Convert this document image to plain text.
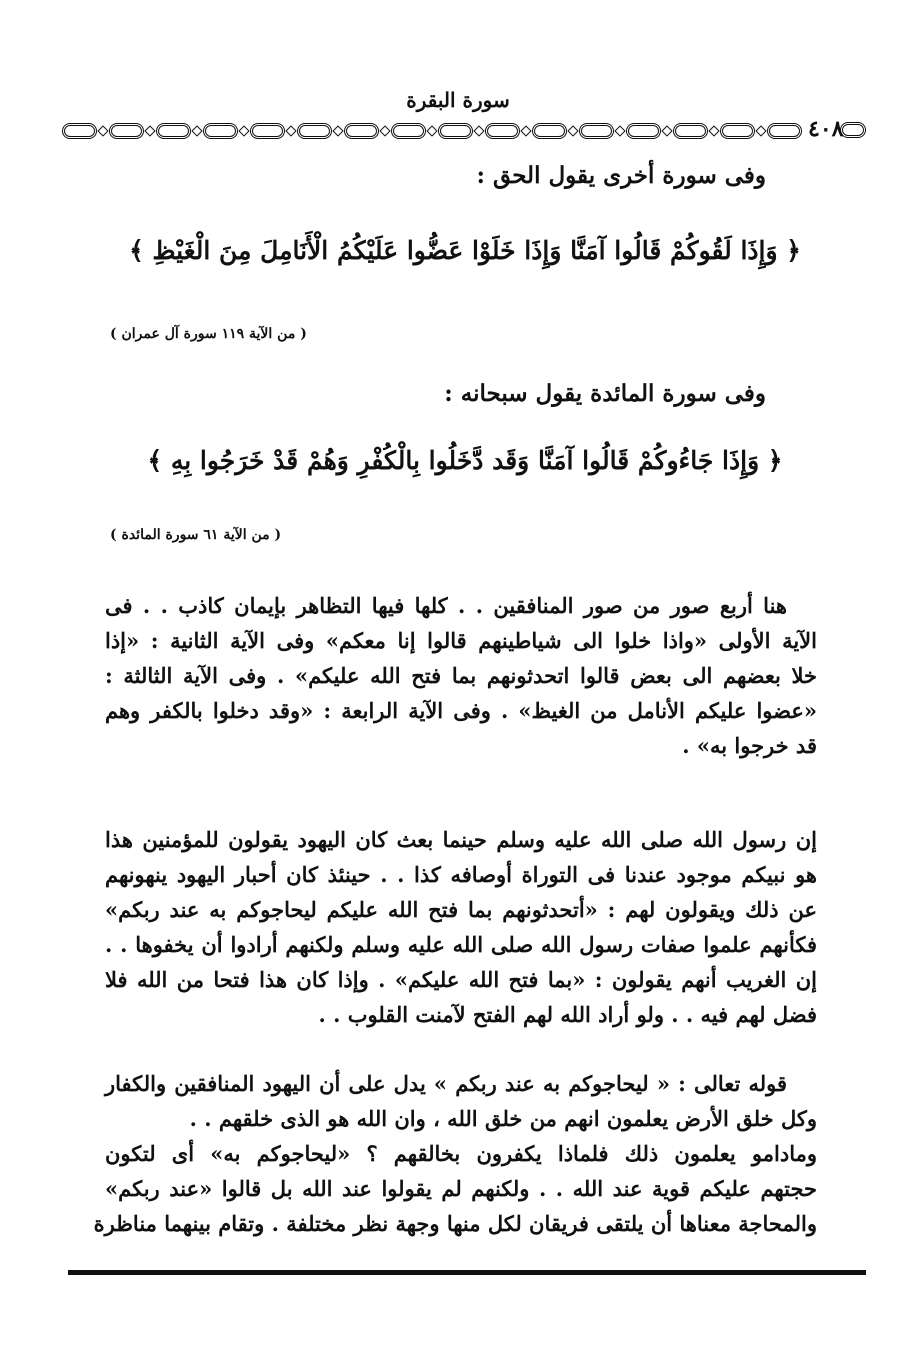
سورة البقرة
٤٠٨
وفى سورة أخرى يقول الحق :
﴿ وَإِذَا لَقُوكُمْ قَالُوا آمَنَّا وَإِذَا خَلَوْا عَضُّوا عَلَيْكُمُ الْأَنَامِلَ مِنَ الْغَيْظِ ﴾
( من الآية ١١٩ سورة آل عمران )
وفى سورة المائدة يقول سبحانه :
﴿ وَإِذَا جَاءُوكُمْ قَالُوا آمَنَّا وَقَد دَّخَلُوا بِالْكُفْرِ وَهُمْ قَدْ خَرَجُوا بِهِ ﴾
( من الآية ٦١ سورة المائدة )
هنا أربع صور من صور المنافقين . . كلها فيها التظاهر بإيمان كاذب . . فى
الآية الأولى «واذا خلوا الى شياطينهم قالوا إنا معكم» وفى الآية الثانية : «إذا
خلا بعضهم الى بعض قالوا اتحدثونهم بما فتح الله عليكم» . وفى الآية الثالثة :
«عضوا عليكم الأنامل من الغيظ» . وفى الآية الرابعة : «وقد دخلوا بالكفر وهم
قد خرجوا به» .
إن رسول الله صلى الله عليه وسلم حينما بعث كان اليهود يقولون للمؤمنين هذا
هو نبيكم موجود عندنا فى التوراة أوصافه كذا . . حينئذ كان أحبار اليهود ينهونهم
عن ذلك ويقولون لهم : «أتحدثونهم بما فتح الله عليكم ليحاجوكم به عند ربكم»
فكأنهم علموا صفات رسول الله صلى الله عليه وسلم ولكنهم أرادوا أن يخفوها . .
إن الغريب أنهم يقولون : «بما فتح الله عليكم» . وإذا كان هذا فتحا من الله فلا
فضل لهم فيه . . ولو أراد الله لهم الفتح لآمنت القلوب . .
قوله تعالى : « ليحاجوكم به عند ربكم » يدل على أن اليهود المنافقين والكفار
وكل خلق الأرض يعلمون انهم من خلق الله ، وان الله هو الذى خلقهم . .
ومادامو يعلمون ذلك فلماذا يكفرون بخالقهم ؟ «ليحاجوكم به» أى لتكون
حجتهم عليكم قوية عند الله . . ولكنهم لم يقولوا عند الله بل قالوا «عند ربكم»
والمحاجة معناها أن يلتقى فريقان لكل منها وجهة نظر مختلفة . وتقام بينهما مناظرة
